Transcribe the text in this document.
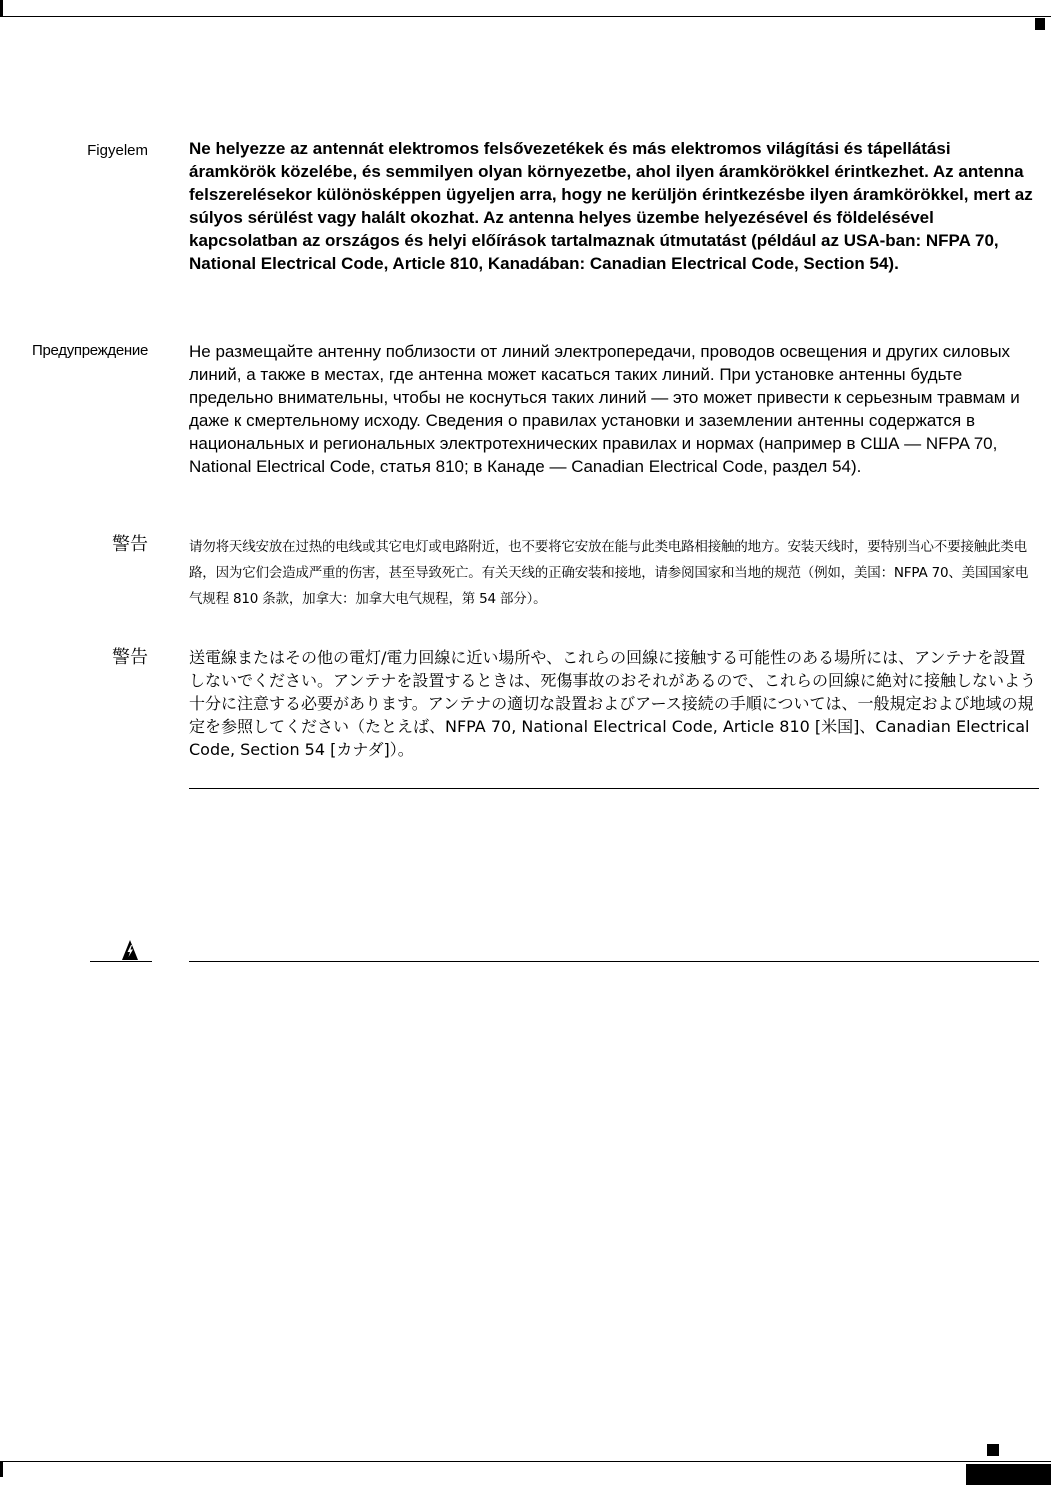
Figyelem Ne helyezze az antennát elektromos felsővezetékek és más elektromos világítási és tápellátási áramkörök közelébe, és semmilyen olyan környezetbe, ahol ilyen áramkörökkel érintkezhet. Az antenna felszerelésekor különösképpen ügyeljen arra, hogy ne kerüljön érintkezésbe ilyen áramkörökkel, mert az súlyos sérülést vagy halált okozhat. Az antenna helyes üzembe helyezésével és földelésével kapcsolatban az országos és helyi előírások tartalmaznak útmutatást (például az USA-ban: NFPA 70, National Electrical Code, Article 810, Kanadában: Canadian Electrical Code, Section 54).
Предупреждение Не размещайте антенну поблизости от линий электропередачи, проводов освещения и других силовых линий, а также в местах, где антенна может касаться таких линий. При установке антенны будьте предельно внимательны, чтобы не коснуться таких линий — это может привести к серьезным травмам и даже к смертельному исходу. Сведения о правилах установки и заземлении антенны содержатся в национальных и региональных электротехнических правилах и нормах (например в США — NFPA 70, National Electrical Code, статья 810; в Канаде — Canadian Electrical Code, раздел 54).
警告	请勿将天线安放在过热的电线或其它电灯或电路附近，也不要将它安放在能与此类电路相接触的地方。安装天线时，要特别当心不要接触此类电路，因为它们会造成严重的伤害，甚至导致死亡。有关天线的正确安装和接地，请参阅国家和当地的规范（例如，美国：NFPA 70、美国国家电气规程 810 条款，加拿大：加拿大电气规程，第 54 部分）。
警告	送電線またはその他の電灯/電力回線に近い場所や、これらの回線に接触する可能性のある場所には、アンテナを設置しないでください。アンテナを設置するときは、死傷事故のおそれがあるので、これらの回線に絶対に接触しないよう十分に注意する必要があります。アンテナの適切な設置およびアース接続の手順については、一般規定および地域の規定を参照してください（たとえば、NFPA 70, National Electrical Code, Article 810 [米国]、Canadian Electrical Code, Section 54 [カナダ]）。
